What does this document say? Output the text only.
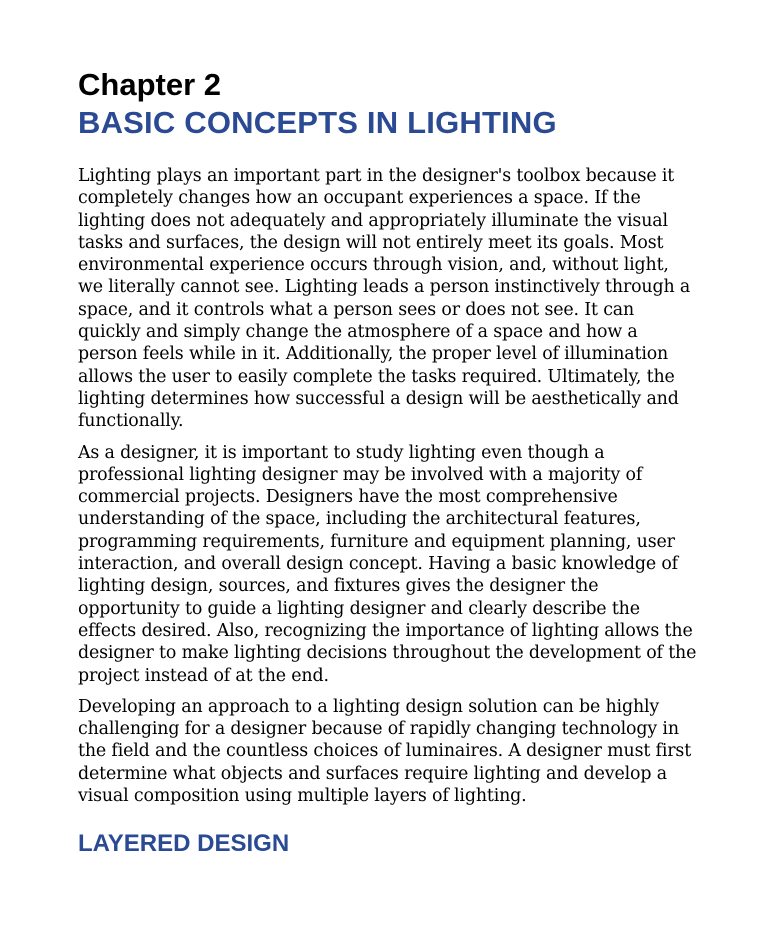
Chapter 2
BASIC CONCEPTS IN LIGHTING

Lighting plays an important part in the designer's toolbox because it completely changes how an occupant experiences a space. If the lighting does not adequately and appropriately illuminate the visual tasks and surfaces, the design will not entirely meet its goals. Most environmental experience occurs through vision, and, without light, we literally cannot see. Lighting leads a person instinctively through a space, and it controls what a person sees or does not see. It can quickly and simply change the atmosphere of a space and how a person feels while in it. Additionally, the proper level of illumination allows the user to easily complete the tasks required. Ultimately, the lighting determines how successful a design will be aesthetically and functionally.

As a designer, it is important to study lighting even though a professional lighting designer may be involved with a majority of commercial projects. Designers have the most comprehensive understanding of the space, including the architectural features, programming requirements, furniture and equipment planning, user interaction, and overall design concept. Having a basic knowledge of lighting design, sources, and fixtures gives the designer the opportunity to guide a lighting designer and clearly describe the effects desired. Also, recognizing the importance of lighting allows the designer to make lighting decisions throughout the development of the project instead of at the end.

Developing an approach to a lighting design solution can be highly challenging for a designer because of rapidly changing technology in the field and the countless choices of luminaires. A designer must first determine what objects and surfaces require lighting and develop a visual composition using multiple layers of lighting.

LAYERED DESIGN
